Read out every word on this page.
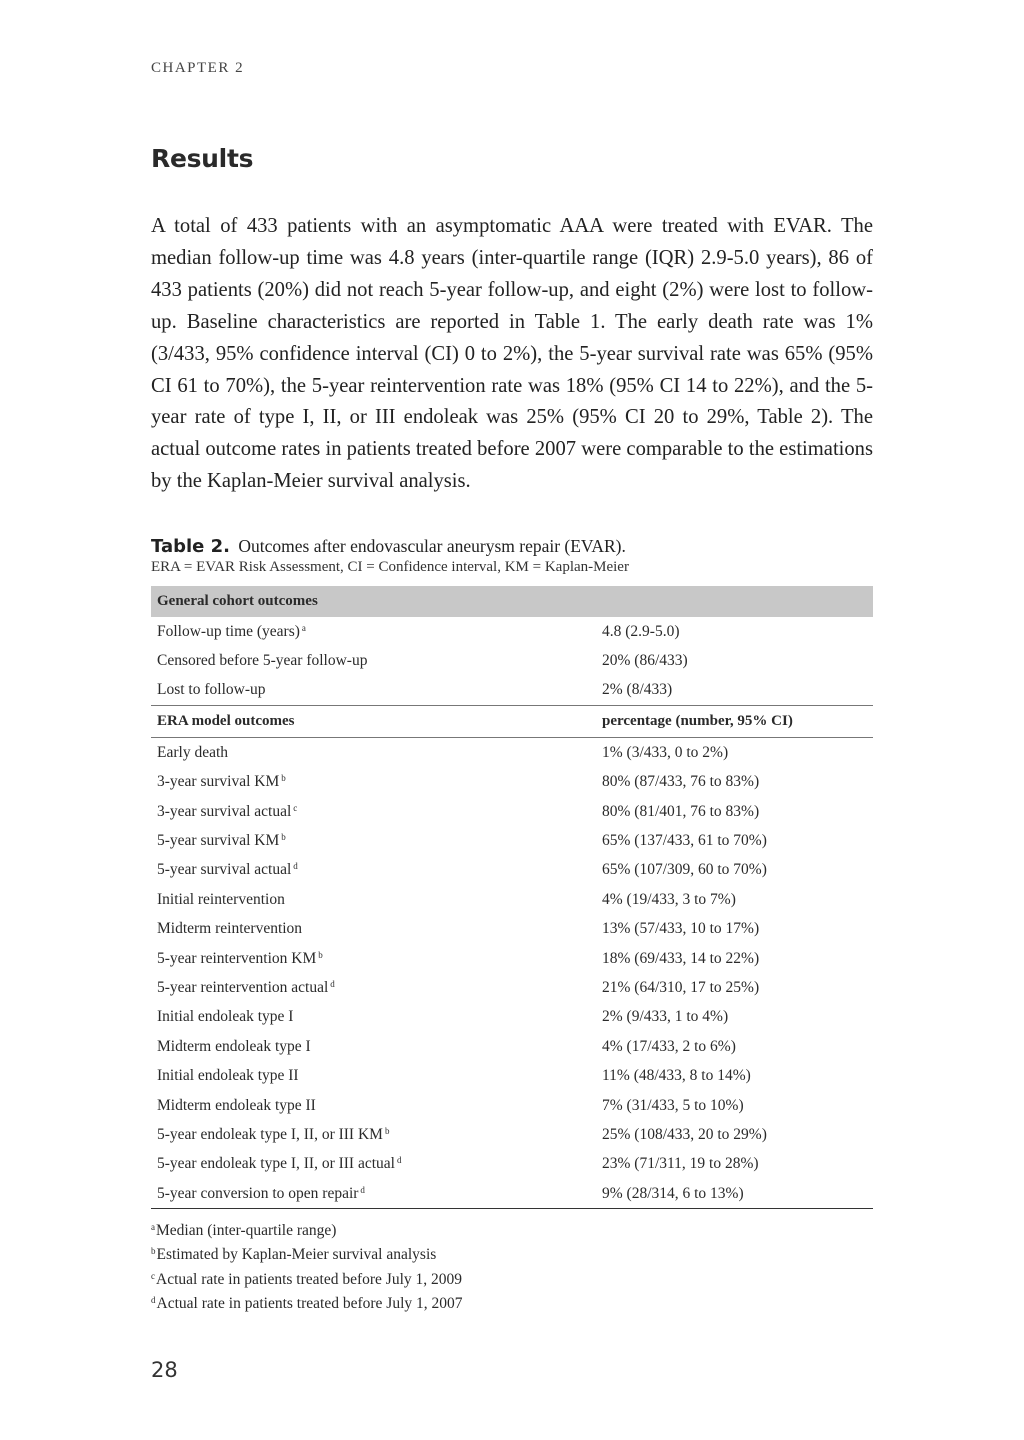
CHAPTER 2
Results

A total of 433 patients with an asymptomatic AAA were treated with EVAR. The median follow-up time was 4.8 years (inter-quartile range (IQR) 2.9-5.0 years), 86 of 433 patients (20%) did not reach 5-year follow-up, and eight (2%) were lost to follow-up. Baseline characteristics are reported in Table 1. The early death rate was 1% (3/433, 95% confidence interval (CI) 0 to 2%), the 5-year survival rate was 65% (95% CI 61 to 70%), the 5-year reintervention rate was 18% (95% CI 14 to 22%), and the 5-year rate of type I, II, or III endoleak was 25% (95% CI 20 to 29%, Table 2). The actual outcome rates in patients treated before 2007 were comparable to the estimations by the Kaplan-Meier survival analysis.

Table 2. Outcomes after endovascular aneurysm repair (EVAR).
ERA = EVAR Risk Assessment, CI = Confidence interval, KM = Kaplan-Meier
General cohort outcomes	
Follow-up time (years) $^a$	4.8 (2.9-5.0)
Censored before 5-year follow-up	20% (86/433)
Lost to follow-up	2% (8/433)
ERA model outcomes	percentage (number, 95% CI)
Early death	1% (3/433, 0 to 2%)
3-year survival KM $^b$	80% (87/433, 76 to 83%)
3-year survival actual $^c$	80% (81/401, 76 to 83%)
5-year survival KM $^b$	65% (137/433, 61 to 70%)
5-year survival actual $^d$	65% (107/309, 60 to 70%)
Initial reintervention	4% (19/433, 3 to 7%)
Midterm reintervention	13% (57/433, 10 to 17%)
5-year reintervention KM $^b$	18% (69/433, 14 to 22%)
5-year reintervention actual $^d$	21% (64/310, 17 to 25%)
Initial endoleak type I	2% (9/433, 1 to 4%)
Midterm endoleak type I	4% (17/433, 2 to 6%)
Initial endoleak type II	11% (48/433, 8 to 14%)
Midterm endoleak type II	7% (31/433, 5 to 10%)
5-year endoleak type I, II, or III KM $^b$	25% (108/433, 20 to 29%)
5-year endoleak type I, II, or III actual $^d$	23% (71/311, 19 to 28%)
5-year conversion to open repair $^d$	9% (28/314, 6 to 13%)
$^a$Median (inter-quartile range)
$^b$Estimated by Kaplan-Meier survival analysis
$^c$Actual rate in patients treated before July 1, 2009
$^d$Actual rate in patients treated before July 1, 2007
28
